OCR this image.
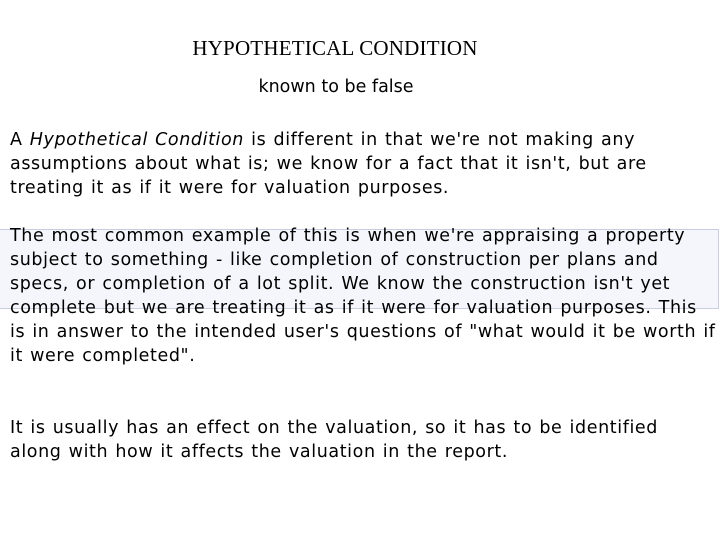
HYPOTHETICAL CONDITION
known to be false

A Hypothetical Condition is different in that we're not making any assumptions about what is; we know for a fact that it isn't, but are treating it as if it were for valuation purposes.

The most common example of this is when we're appraising a property subject to something - like completion of construction per plans and specs, or completion of a lot split. We know the construction isn't yet complete but we are treating it as if it were for valuation purposes. This is in answer to the intended user's questions of "what would it be worth if it were completed".

It is usually has an effect on the valuation, so it has to be identified along with how it affects the valuation in the report.
